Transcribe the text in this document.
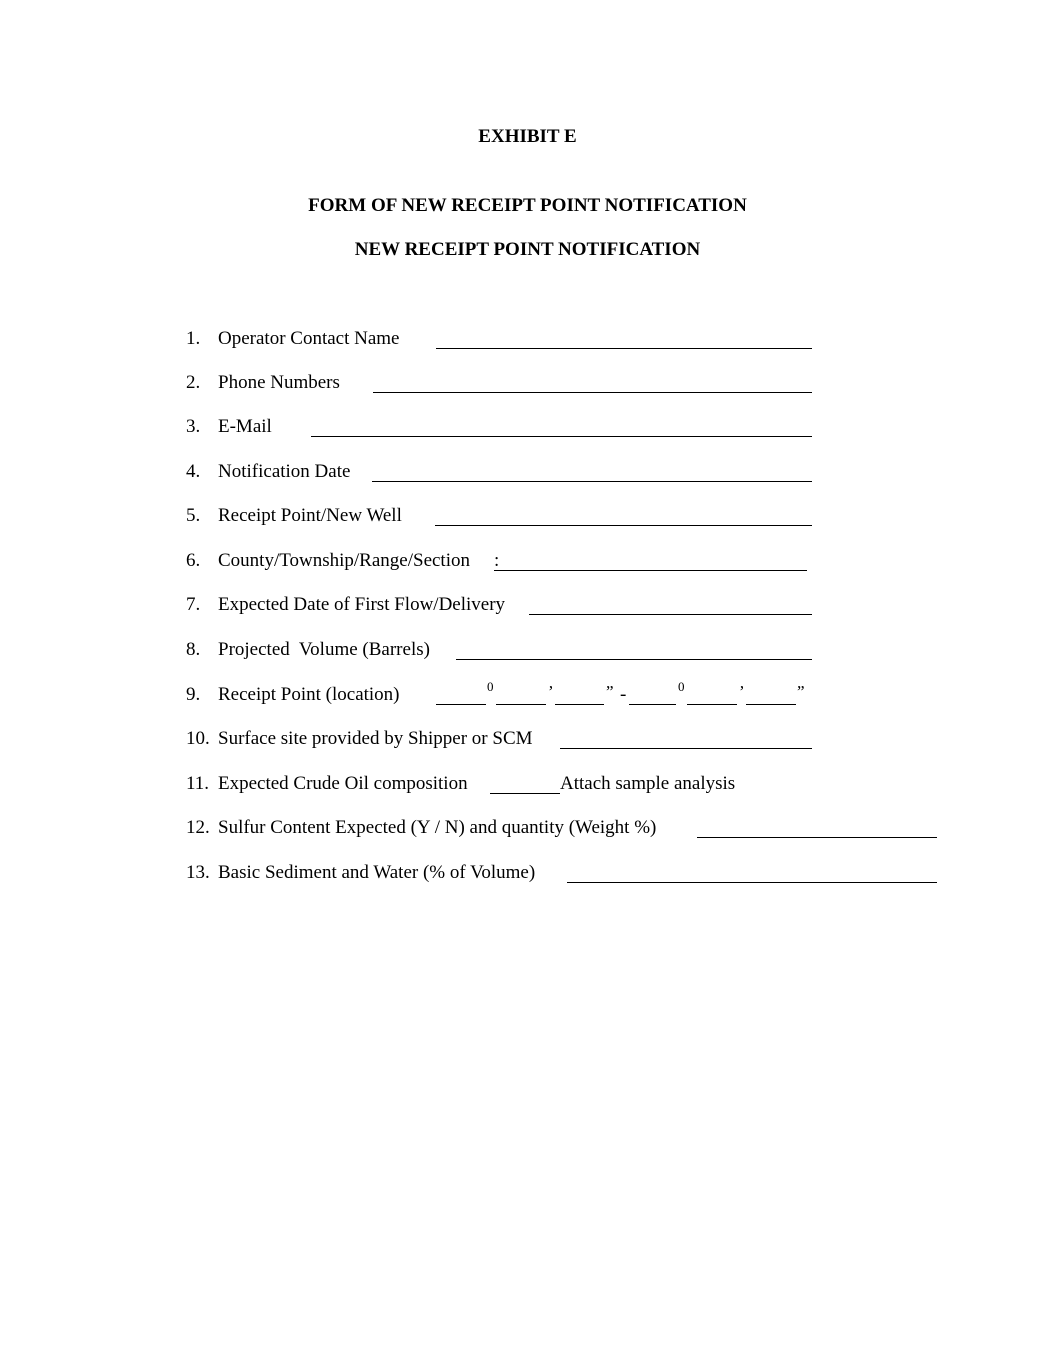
EXHIBIT E
FORM OF NEW RECEIPT POINT NOTIFICATION
NEW RECEIPT POINT NOTIFICATION
1. Operator Contact Name
2. Phone Numbers
3. E-Mail
4. Notification Date
5. Receipt Point/New Well
6. County/Township/Range/Section :
7. Expected Date of First Flow/Delivery
8. Projected  Volume (Barrels)
9. Receipt Point (location)	0	’	” -	0	’	”
10. Surface site provided by Shipper or SCM
11. Expected Crude Oil composition	Attach sample analysis
12. Sulfur Content Expected (Y / N) and quantity (Weight %)
13. Basic Sediment and Water (% of Volume)
